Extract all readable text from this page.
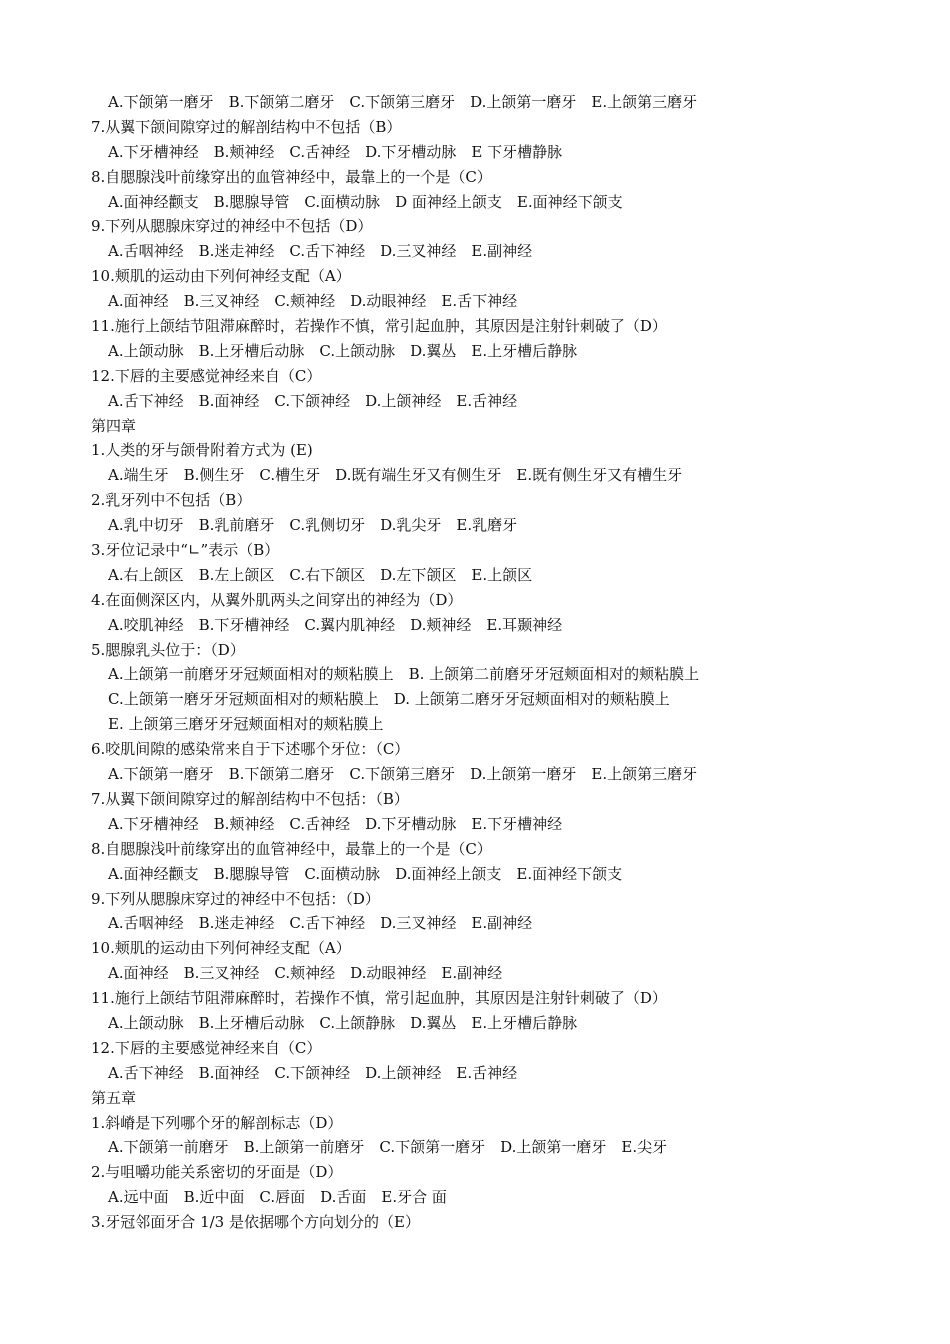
A.下颌第一磨牙　B.下颌第二磨牙　C.下颌第三磨牙　D.上颌第一磨牙　E.上颌第三磨牙
7.从翼下颌间隙穿过的解剖结构中不包括（B）
A.下牙槽神经　B.颊神经　C.舌神经　D.下牙槽动脉　E 下牙槽静脉
8.自腮腺浅叶前缘穿出的血管神经中，最靠上的一个是（C）
A.面神经颧支　B.腮腺导管　C.面横动脉　D 面神经上颌支　E.面神经下颌支
9.下列从腮腺床穿过的神经中不包括（D）
A.舌咽神经　B.迷走神经　C.舌下神经　D.三叉神经　E.副神经
10.颊肌的运动由下列何神经支配（A）
A.面神经　B.三叉神经　C.颊神经　D.动眼神经　E.舌下神经
11.施行上颌结节阻滞麻醉时，若操作不慎，常引起血肿，其原因是注射针刺破了（D）
A.上颌动脉　B.上牙槽后动脉　C.上颌动脉　D.翼丛　E.上牙槽后静脉
12.下唇的主要感觉神经来自（C）
A.舌下神经　B.面神经　C.下颌神经　D.上颌神经　E.舌神经
第四章
1.人类的牙与颌骨附着方式为 (E)
A.端生牙　B.侧生牙　C.槽生牙　D.既有端生牙又有侧生牙　E.既有侧生牙又有槽生牙
2.乳牙列中不包括（B）
A.乳中切牙　B.乳前磨牙　C.乳侧切牙　D.乳尖牙　E.乳磨牙
3.牙位记录中“∟”表示（B）
A.右上颌区　B.左上颌区　C.右下颌区　D.左下颌区　E.上颌区
4.在面侧深区内，从翼外肌两头之间穿出的神经为（D）
A.咬肌神经　B.下牙槽神经　C.翼内肌神经　D.颊神经　E.耳颞神经
5.腮腺乳头位于：（D）
A.上颌第一前磨牙牙冠颊面相对的颊粘膜上　B. 上颌第二前磨牙牙冠颊面相对的颊粘膜上
C.上颌第一磨牙牙冠颊面相对的颊粘膜上　D. 上颌第二磨牙牙冠颊面相对的颊粘膜上
E. 上颌第三磨牙牙冠颊面相对的颊粘膜上
6.咬肌间隙的感染常来自于下述哪个牙位：（C）
A.下颌第一磨牙　B.下颌第二磨牙　C.下颌第三磨牙　D.上颌第一磨牙　E.上颌第三磨牙
7.从翼下颌间隙穿过的解剖结构中不包括：（B）
A.下牙槽神经　B.颊神经　C.舌神经　D.下牙槽动脉　E.下牙槽神经
8.自腮腺浅叶前缘穿出的血管神经中，最靠上的一个是（C）
A.面神经颧支　B.腮腺导管　C.面横动脉　D.面神经上颌支　E.面神经下颌支
9.下列从腮腺床穿过的神经中不包括：（D）
A.舌咽神经　B.迷走神经　C.舌下神经　D.三叉神经　E.副神经
10.颊肌的运动由下列何神经支配（A）
A.面神经　B.三叉神经　C.颊神经　D.动眼神经　E.副神经
11.施行上颌结节阻滞麻醉时，若操作不慎，常引起血肿，其原因是注射针刺破了（D）
A.上颌动脉　B.上牙槽后动脉　C.上颌静脉　D.翼丛　E.上牙槽后静脉
12.下唇的主要感觉神经来自（C）
A.舌下神经　B.面神经　C.下颌神经　D.上颌神经　E.舌神经
第五章
1.斜嵴是下列哪个牙的解剖标志（D）
A.下颌第一前磨牙　B.上颌第一前磨牙　C.下颌第一磨牙　D.上颌第一磨牙　E.尖牙
2.与咀嚼功能关系密切的牙面是（D）
A.远中面　B.近中面　C.唇面　D.舌面　E.牙合 面
3.牙冠邻面牙合 1/3 是依据哪个方向划分的（E）
